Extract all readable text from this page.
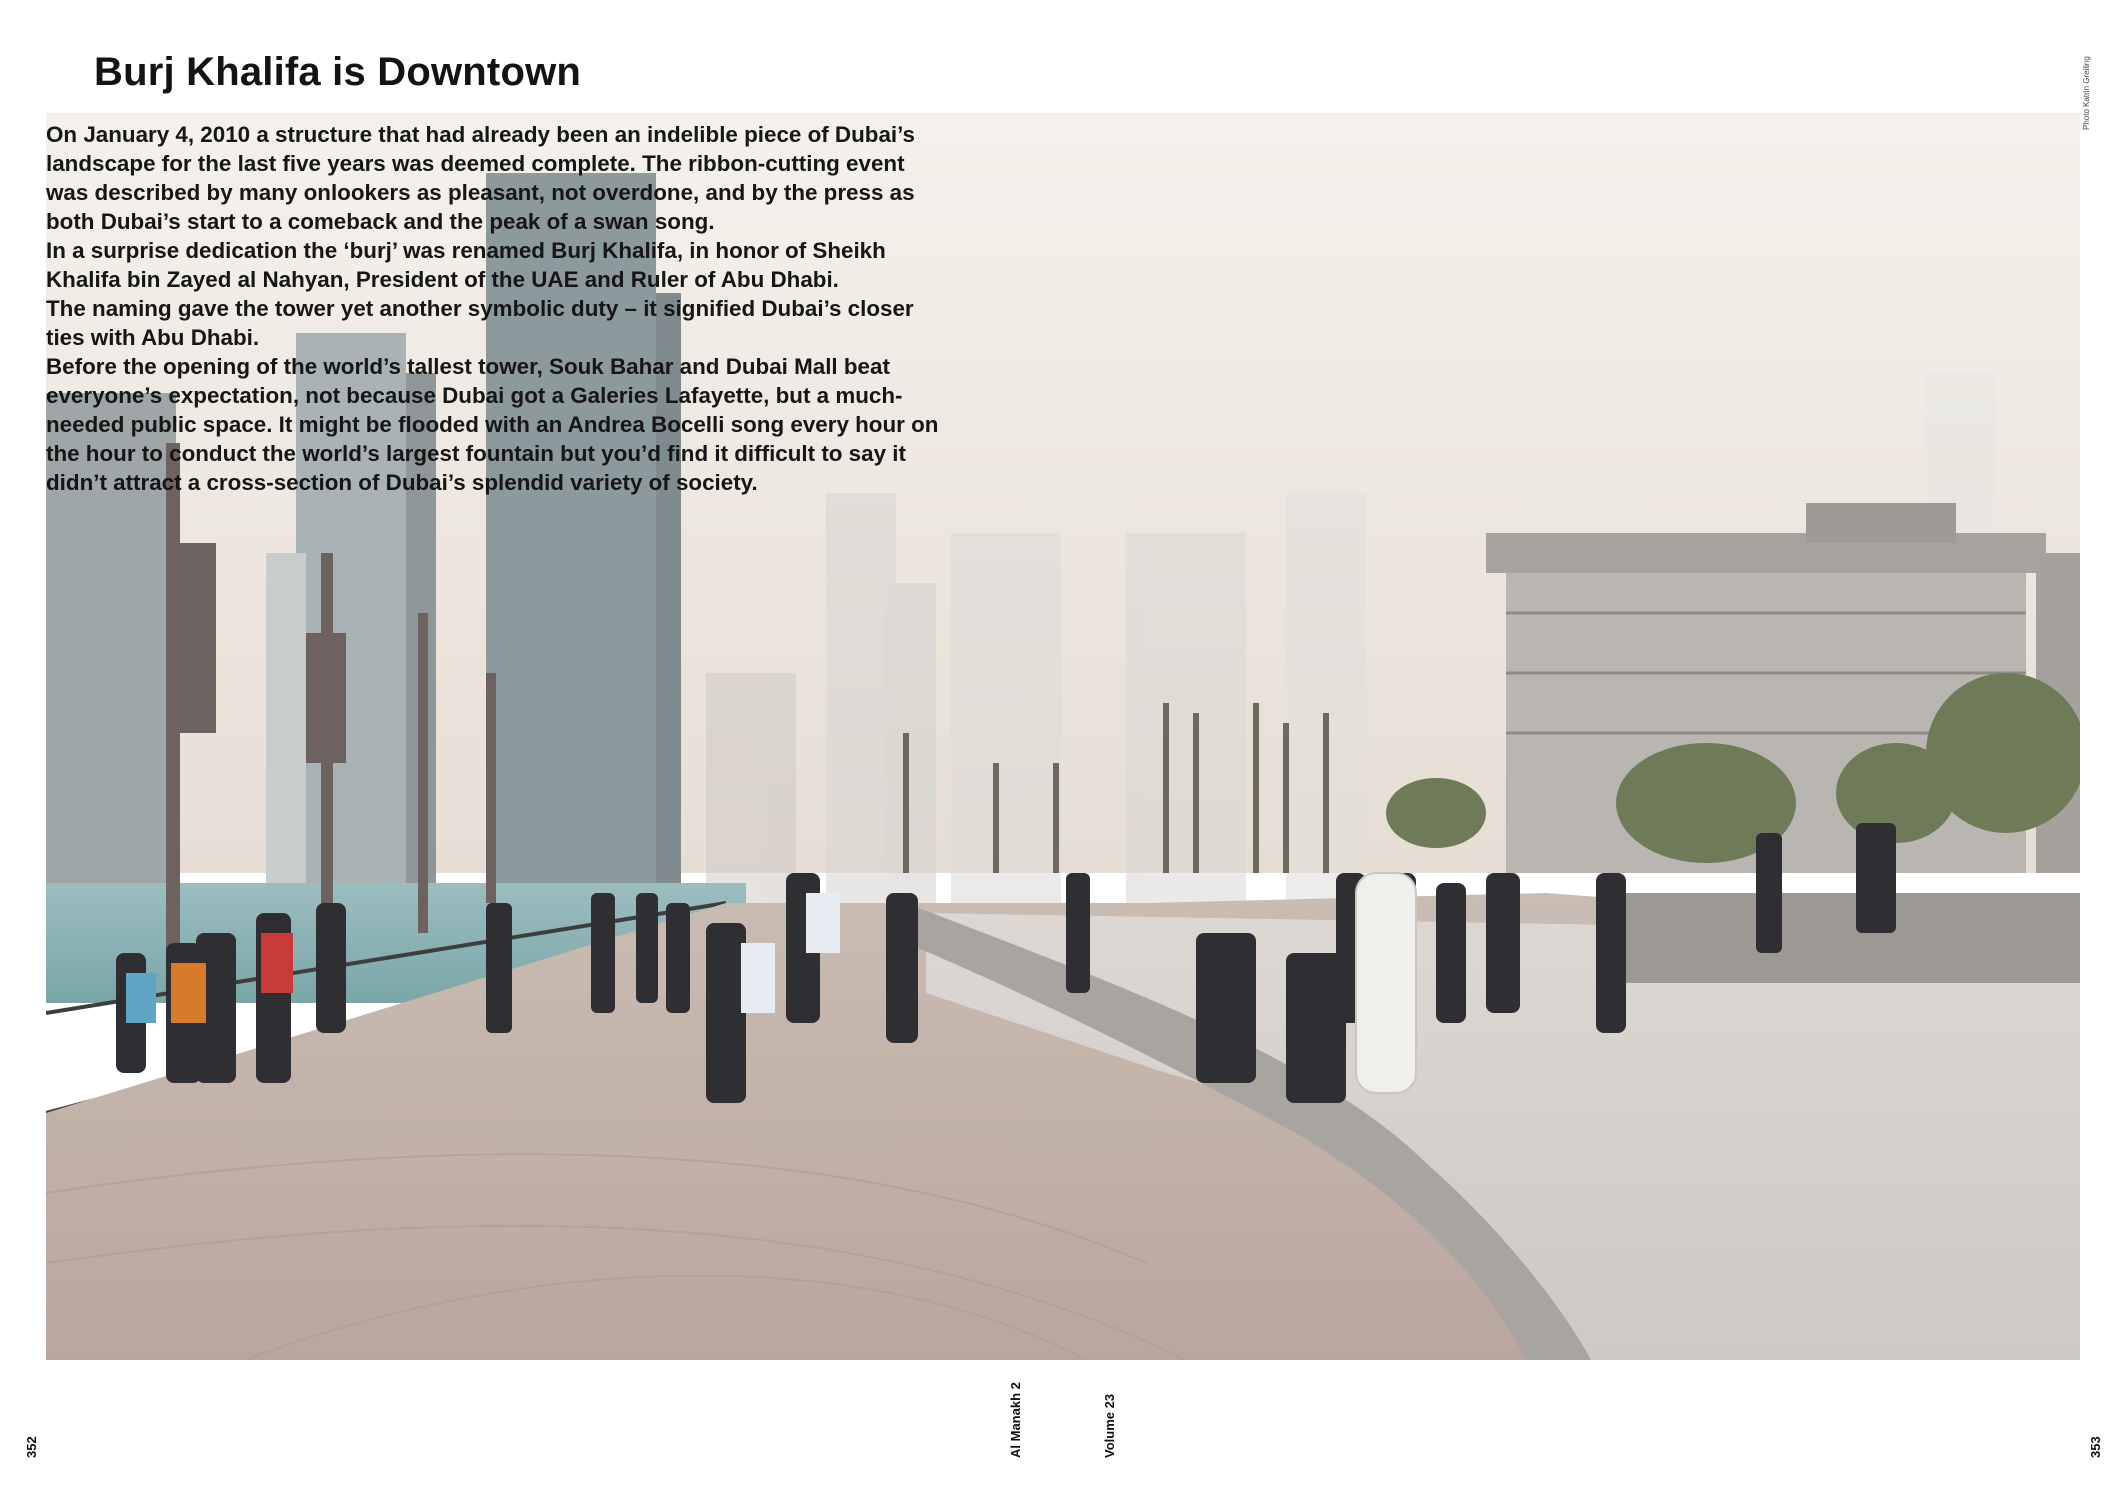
Burj Khalifa is Downtown

On January 4, 2010 a structure that had already been an indelible piece of Dubai’s landscape for the last five years was deemed complete. The ribbon-cutting event was described by many onlookers as pleasant, not overdone, and by the press as both Dubai’s start to a comeback and the peak of a swan song.

In a surprise dedication the ‘burj’ was renamed Burj Khalifa, in honor of Sheikh Khalifa bin Zayed al Nahyan, President of the UAE and Ruler of Abu Dhabi.

The naming gave the tower yet another symbolic duty – it signified Dubai’s closer ties with Abu Dhabi.

Before the opening of the world’s tallest tower, Souk Bahar and Dubai Mall beat everyone’s expectation, not because Dubai got a Galeries Lafayette, but a much-needed public space. It might be flooded with an Andrea Bocelli song every hour on the hour to conduct the world’s largest fountain but you’d find it difficult to say it didn’t attract a cross-section of Dubai’s splendid variety of society.

Photo Katrin Greiling
352	Al Manakh 2	Volume 23	353
